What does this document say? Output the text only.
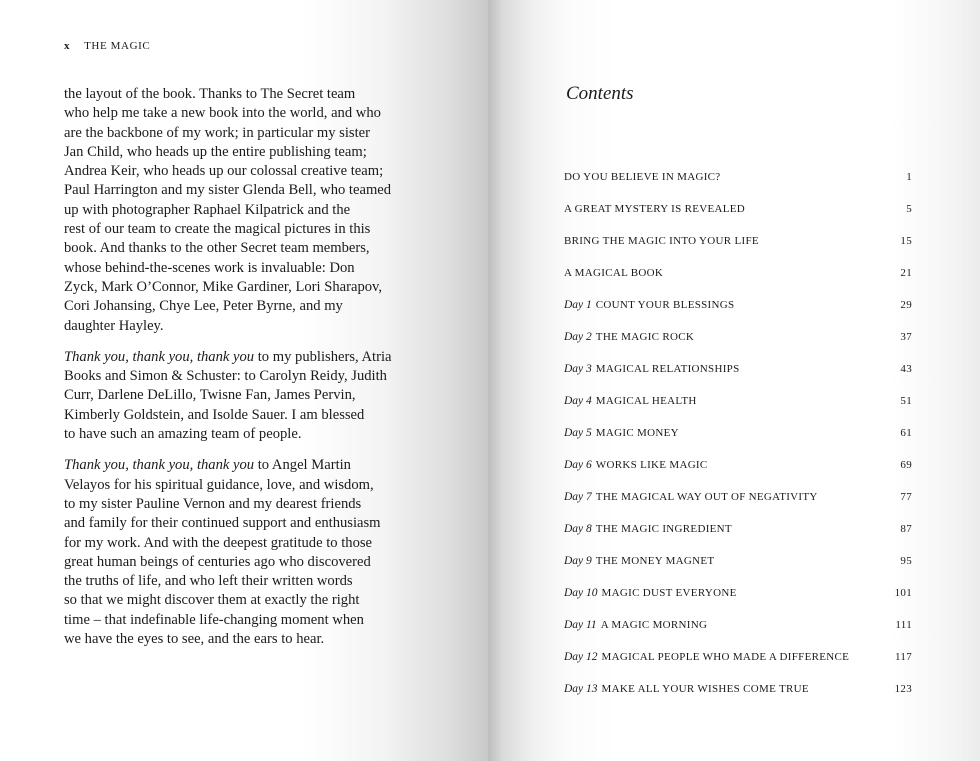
x THE MAGIC
the layout of the book. Thanks to The Secret team
who help me take a new book into the world, and who
are the backbone of my work; in particular my sister
Jan Child, who heads up the entire publishing team;
Andrea Keir, who heads up our colossal creative team;
Paul Harrington and my sister Glenda Bell, who teamed
up with photographer Raphael Kilpatrick and the
rest of our team to create the magical pictures in this
book. And thanks to the other Secret team members,
whose behind-the-scenes work is invaluable: Don
Zyck, Mark O’Connor, Mike Gardiner, Lori Sharapov,
Cori Johansing, Chye Lee, Peter Byrne, and my
daughter Hayley.
Thank you, thank you, thank you to my publishers, Atria
Books and Simon & Schuster: to Carolyn Reidy, Judith
Curr, Darlene DeLillo, Twisne Fan, James Pervin,
Kimberly Goldstein, and Isolde Sauer. I am blessed
to have such an amazing team of people.
Thank you, thank you, thank you to Angel Martin
Velayos for his spiritual guidance, love, and wisdom,
to my sister Pauline Vernon and my dearest friends
and family for their continued support and enthusiasm
for my work. And with the deepest gratitude to those
great human beings of centuries ago who discovered
the truths of life, and who left their written words
so that we might discover them at exactly the right
time – that indefinable life-changing moment when
we have the eyes to see, and the ears to hear.
Contents
DO YOU BELIEVE IN MAGIC?	1
A GREAT MYSTERY IS REVEALED	5
BRING THE MAGIC INTO YOUR LIFE	15
A MAGICAL BOOK	21
Day 1 COUNT YOUR BLESSINGS	29
Day 2 THE MAGIC ROCK	37
Day 3 MAGICAL RELATIONSHIPS	43
Day 4 MAGICAL HEALTH	51
Day 5 MAGIC MONEY	61
Day 6 WORKS LIKE MAGIC	69
Day 7 THE MAGICAL WAY OUT OF NEGATIVITY	77
Day 8 THE MAGIC INGREDIENT	87
Day 9 THE MONEY MAGNET	95
Day 10 MAGIC DUST EVERYONE	101
Day 11 A MAGIC MORNING	111
Day 12 MAGICAL PEOPLE WHO MADE A DIFFERENCE	117
Day 13 MAKE ALL YOUR WISHES COME TRUE	123
